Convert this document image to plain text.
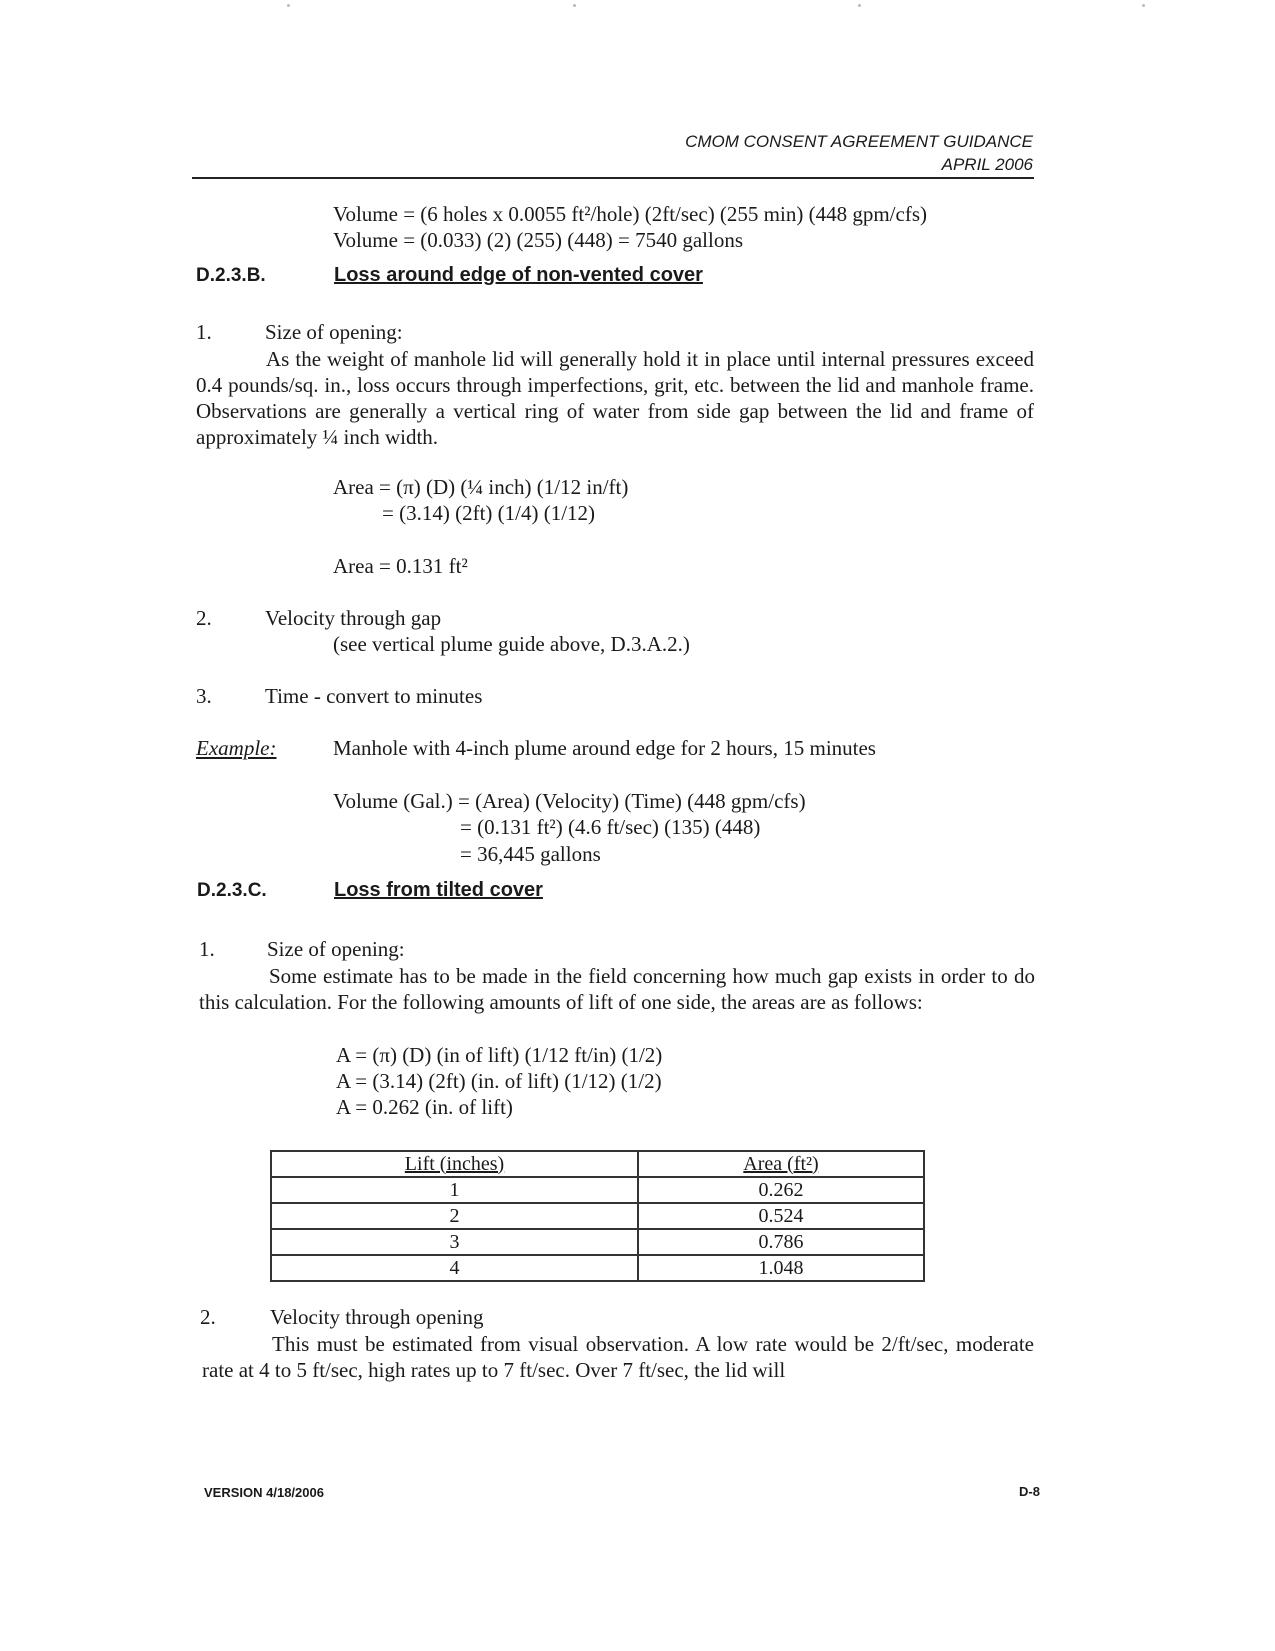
CMOM CONSENT AGREEMENT GUIDANCE
APRIL 2006
Volume = (6 holes x 0.0055 ft²/hole) (2ft/sec) (255 min) (448 gpm/cfs)
Volume = (0.033) (2) (255) (448) = 7540 gallons
D.2.3.B.	Loss around edge of non-vented cover
1.	Size of opening:
As the weight of manhole lid will generally hold it in place until internal pressures exceed 0.4 pounds/sq. in., loss occurs through imperfections, grit, etc. between the lid and manhole frame. Observations are generally a vertical ring of water from side gap between the lid and frame of approximately ¼ inch width.
Area = (π) (D) (¼ inch) (1/12 in/ft)
= (3.14) (2ft) (1/4) (1/12)
Area = 0.131 ft²
2.	Velocity through gap
(see vertical plume guide above, D.3.A.2.)
3.	Time - convert to minutes
Example:	Manhole with 4-inch plume around edge for 2 hours, 15 minutes
Volume (Gal.) = (Area) (Velocity) (Time) (448 gpm/cfs)
= (0.131 ft²) (4.6 ft/sec) (135) (448)
= 36,445 gallons
D.2.3.C.	Loss from tilted cover
1. Size of opening:
Some estimate has to be made in the field concerning how much gap exists in order to do this calculation. For the following amounts of lift of one side, the areas are as follows:
A = (π) (D) (in of lift) (1/12 ft/in) (1/2)
A = (3.14) (2ft) (in. of lift) (1/12) (1/2)
A = 0.262 (in. of lift)
Lift (inches)	Area (ft²)
1	0.262
2	0.524
3	0.786
4	1.048
2.	Velocity through opening
This must be estimated from visual observation. A low rate would be 2/ft/sec, moderate rate at 4 to 5 ft/sec, high rates up to 7 ft/sec. Over 7 ft/sec, the lid will
VERSION 4/18/2006	D-8
